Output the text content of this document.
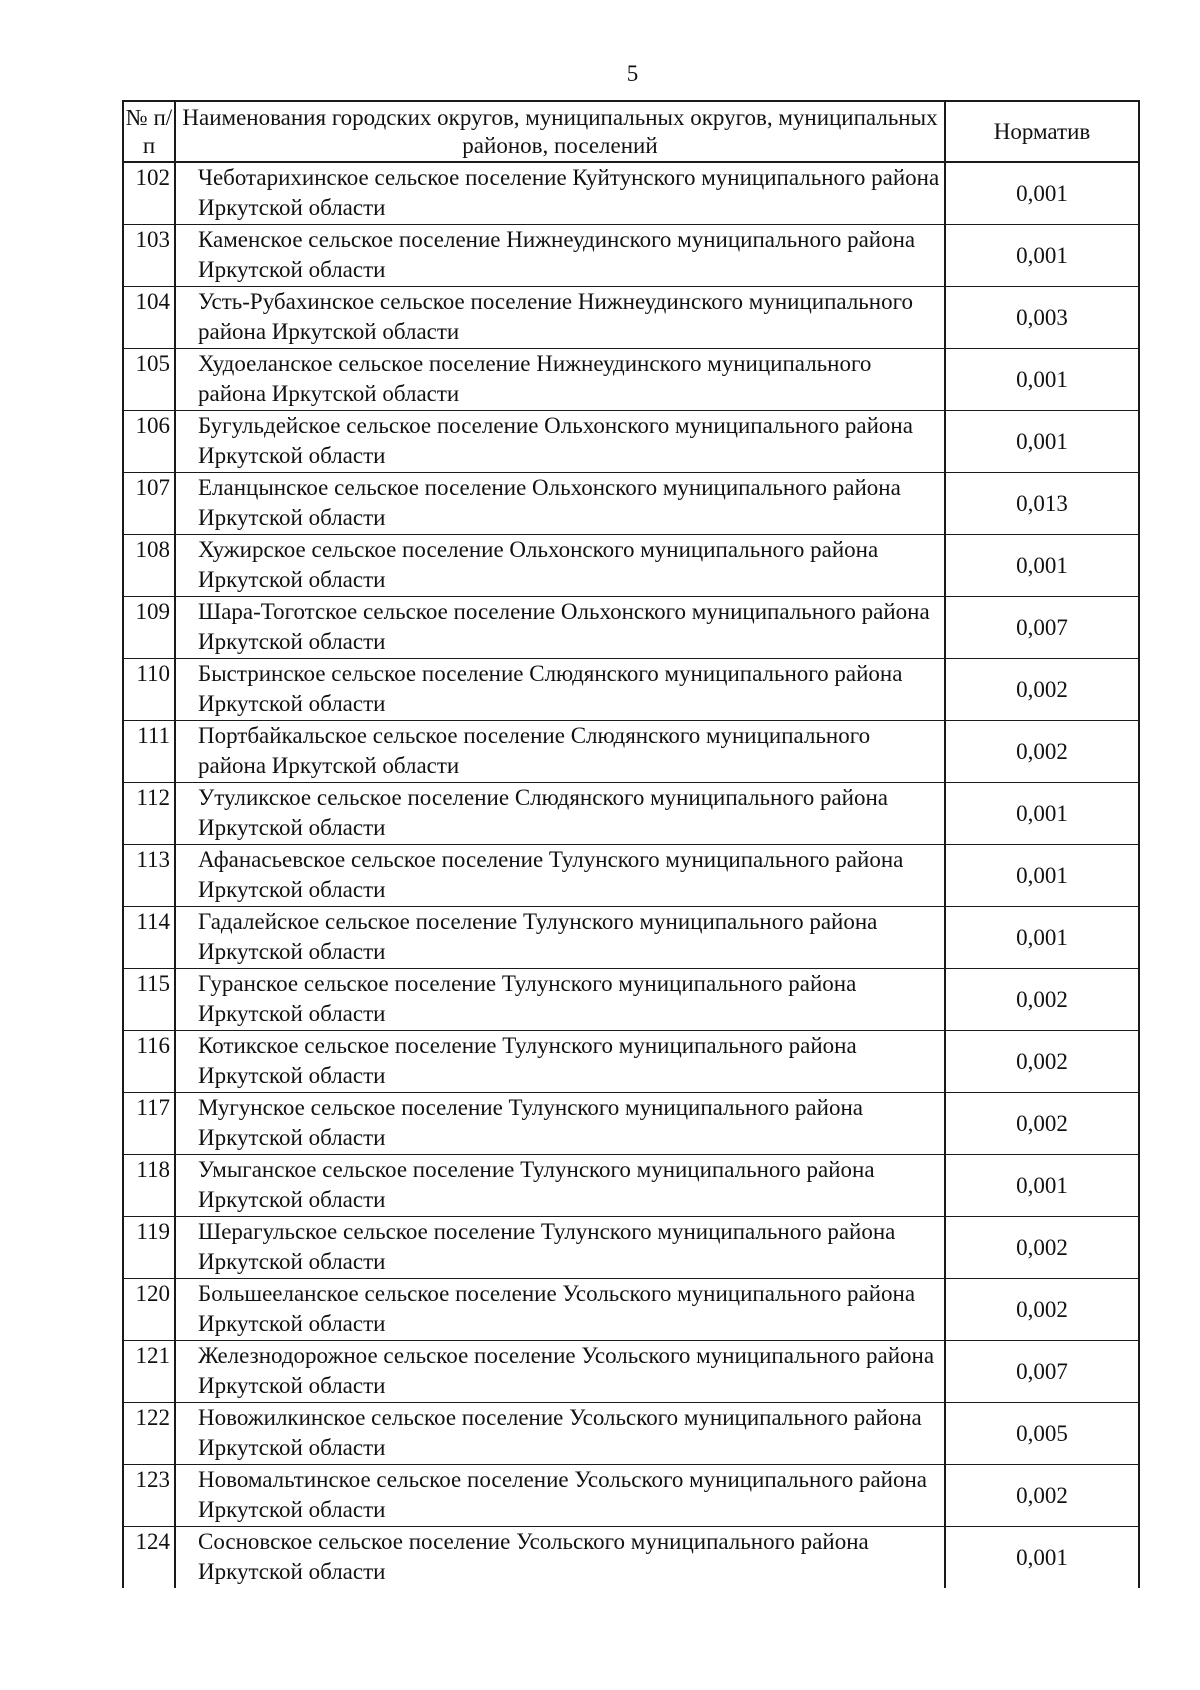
5
№ п/п	Наименования городских округов, муниципальных округов, муниципальных районов, поселений	Норматив
102	Чеботарихинское сельское поселение Куйтунского муниципального района Иркутской области	0,001
103	Каменское сельское поселение Нижнеудинского муниципального района Иркутской области	0,001
104	Усть-Рубахинское сельское поселение Нижнеудинского муниципального района Иркутской области	0,003
105	Худоеланское сельское поселение Нижнеудинского муниципального района Иркутской области	0,001
106	Бугульдейское сельское поселение Ольхонского муниципального района Иркутской области	0,001
107	Еланцынское сельское поселение Ольхонского муниципального района Иркутской области	0,013
108	Хужирское сельское поселение Ольхонского муниципального района Иркутской области	0,001
109	Шара-Тоготское сельское поселение Ольхонского муниципального района Иркутской области	0,007
110	Быстринское сельское поселение Слюдянского муниципального района Иркутской области	0,002
111	Портбайкальское сельское поселение Слюдянского муниципального района Иркутской области	0,002
112	Утуликское сельское поселение Слюдянского муниципального района Иркутской области	0,001
113	Афанасьевское сельское поселение Тулунского муниципального района Иркутской области	0,001
114	Гадалейское сельское поселение Тулунского муниципального района Иркутской области	0,001
115	Гуранское сельское поселение Тулунского муниципального района Иркутской области	0,002
116	Котикское сельское поселение Тулунского муниципального района Иркутской области	0,002
117	Мугунское сельское поселение Тулунского муниципального района Иркутской области	0,002
118	Умыганское сельское поселение Тулунского муниципального района Иркутской области	0,001
119	Шерагульское сельское поселение Тулунского муниципального района Иркутской области	0,002
120	Большееланское сельское поселение Усольского муниципального района Иркутской области	0,002
121	Железнодорожное сельское поселение Усольского муниципального района Иркутской области	0,007
122	Новожилкинское сельское поселение Усольского муниципального района Иркутской области	0,005
123	Новомальтинское сельское поселение Усольского муниципального района Иркутской области	0,002
124	Сосновское сельское поселение Усольского муниципального района Иркутской области	0,001
